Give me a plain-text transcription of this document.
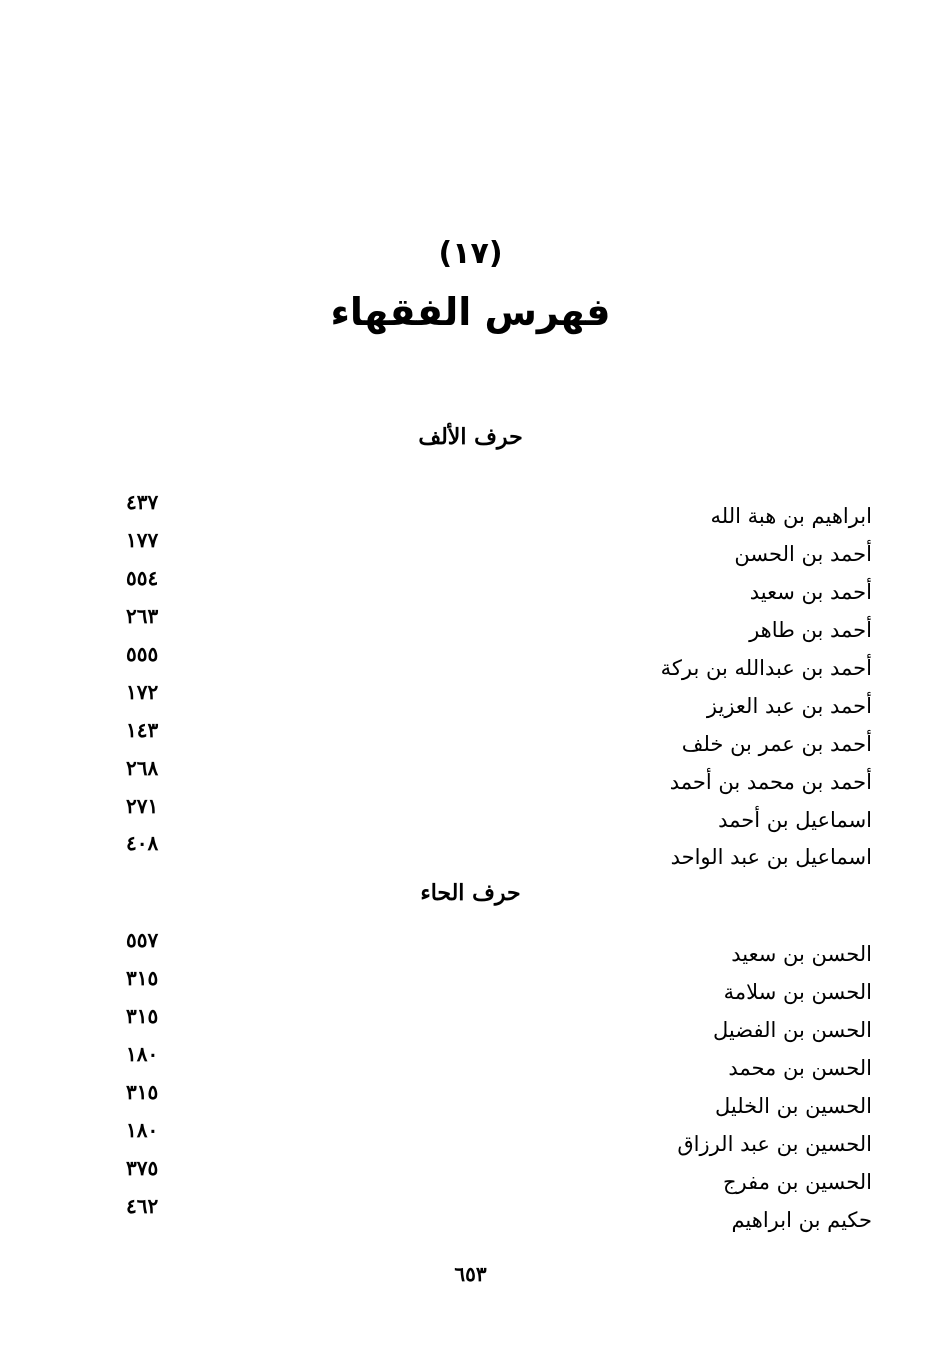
(١٧)
فهرس الفقهاء
حرف الألف
ابراهيم بن هبة الله
٤٣٧
أحمد بن الحسن
١٧٧
أحمد بن سعيد
٥٥٤
أحمد بن طاهر
٢٦٣
أحمد بن عبدالله بن بركة
٥٥٥
أحمد بن عبد العزيز
١٧٢
أحمد بن عمر بن خلف
١٤٣
أحمد بن محمد بن أحمد
٢٦٨
اسماعيل بن أحمد
٢٧١
اسماعيل بن عبد الواحد
٤٠٨
حرف الحاء
الحسن بن سعيد
٥٥٧
الحسن بن سلامة
٣١٥
الحسن بن الفضيل
٣١٥
الحسن بن محمد
١٨٠
الحسين بن الخليل
٣١٥
الحسين بن عبد الرزاق
١٨٠
الحسين بن مفرج
٣٧٥
حكيم بن ابراهيم
٤٦٢
٦٥٣
